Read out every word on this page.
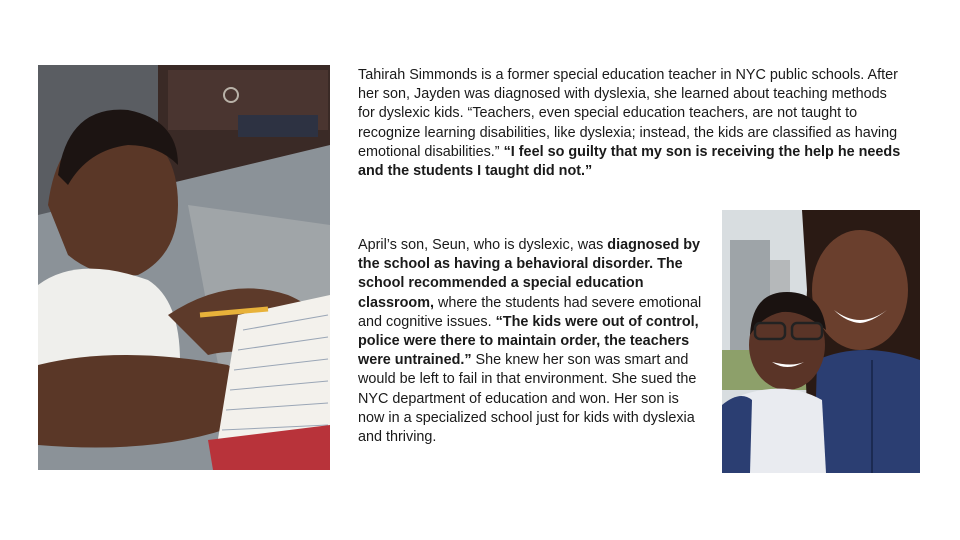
Tahirah Simmonds is a former special education teacher in NYC public schools. After her son, Jayden was diagnosed with dyslexia, she learned about teaching methods for dyslexic kids. “Teachers, even special education teachers, are not taught to recognize learning disabilities, like dyslexia; instead, the kids are classified as having emotional disabilities.” “I feel so guilty that my son is receiving the help he needs and the students I taught did not.”
April’s son, Seun, who is dyslexic, was diagnosed by the school as having a behavioral disorder. The school recommended a special education classroom, where the students had severe emotional and cognitive issues. “The kids were out of control, police were there to maintain order, the teachers were untrained.” She knew her son was smart and would be left to fail in that environment. She sued the NYC department of education and won. Her son is now in a specialized school just for kids with dyslexia and thriving.
